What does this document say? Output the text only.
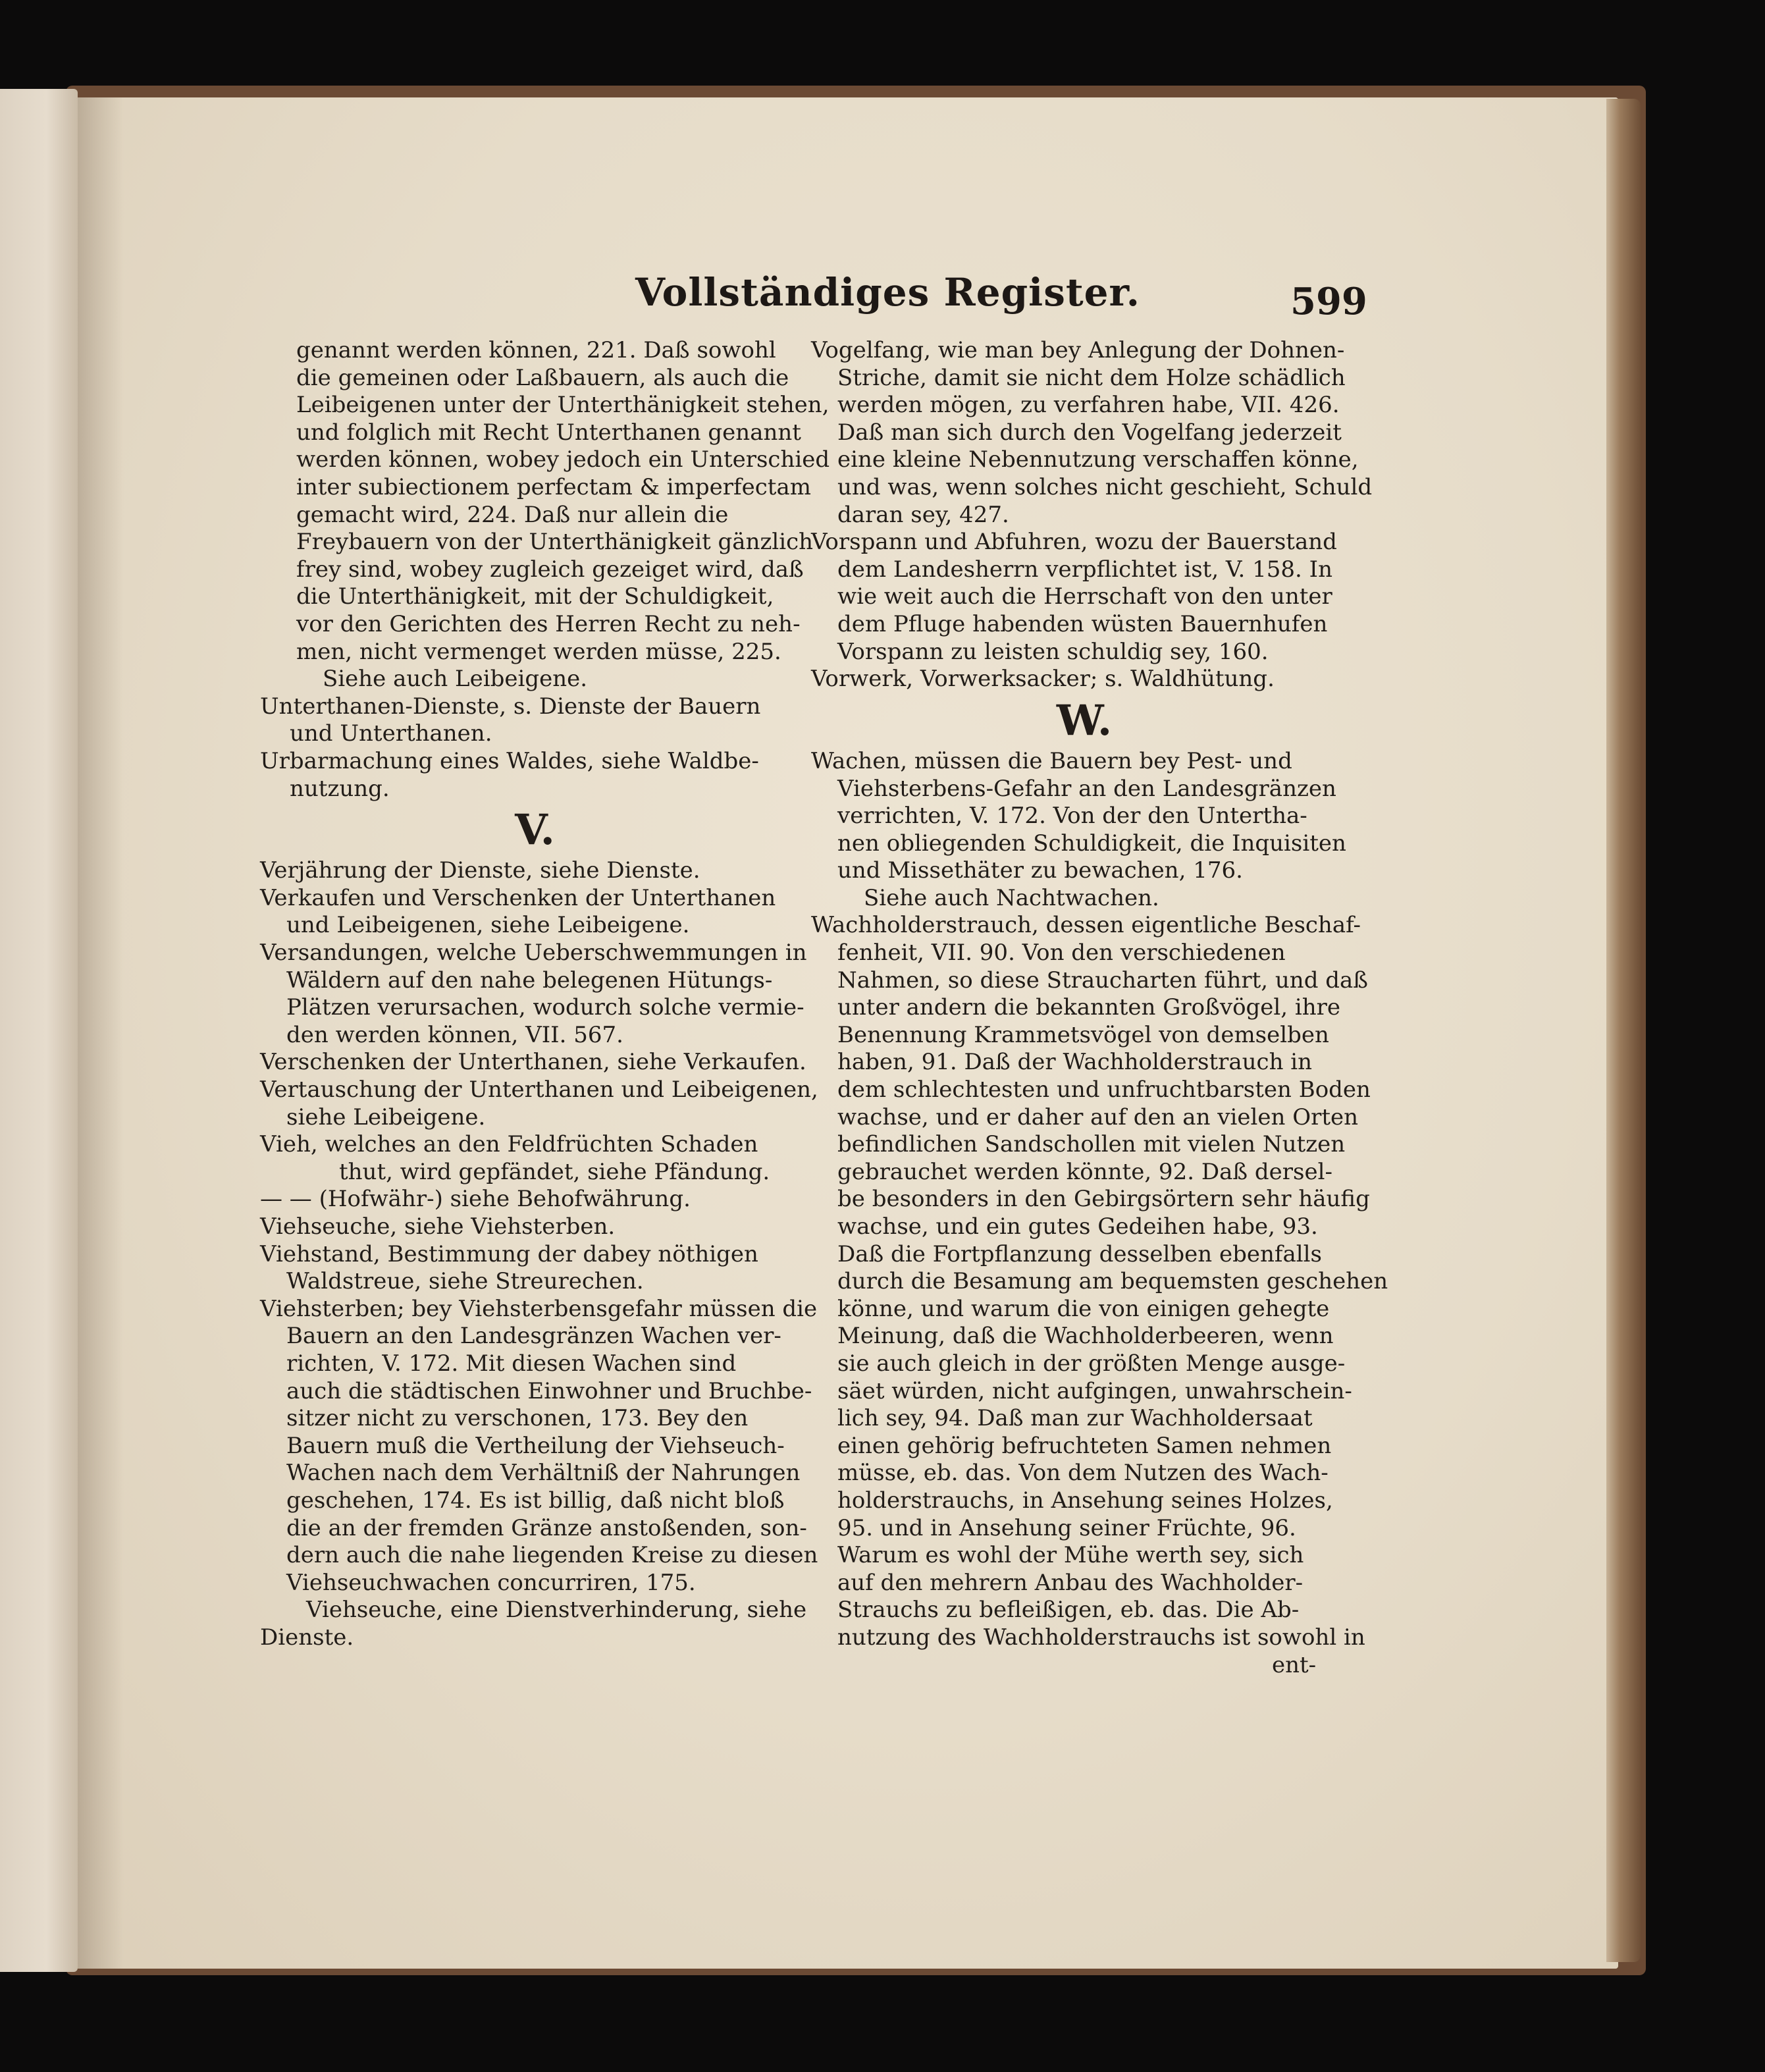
Vollständiges Register.	599
genannt werden können, 221. Daß sowohl
die gemeinen oder Laßbauern, als auch die
Leibeigenen unter der Unterthänigkeit stehen,
und folglich mit Recht Unterthanen genannt
werden können, wobey jedoch ein Unterschied
inter subiectionem perfectam & imperfectam
gemacht wird, 224. Daß nur allein die
Freybauern von der Unterthänigkeit gänzlich
frey sind, wobey zugleich gezeiget wird, daß
die Unterthänigkeit, mit der Schuldigkeit,
vor den Gerichten des Herren Recht zu neh-
men, nicht vermenget werden müsse, 225.
Siehe auch Leibeigene.
Unterthanen-Dienste, s. Dienste der Bauern
und Unterthanen.
Urbarmachung eines Waldes, siehe Waldbe-
nutzung.
V.
Verjährung der Dienste, siehe Dienste.
Verkaufen und Verschenken der Unterthanen
und Leibeigenen, siehe Leibeigene.
Versandungen, welche Ueberschwemmungen in
Wäldern auf den nahe belegenen Hütungs-
Plätzen verursachen, wodurch solche vermie-
den werden können, VII. 567.
Verschenken der Unterthanen, siehe Verkaufen.
Vertauschung der Unterthanen und Leibeigenen,
siehe Leibeigene.
Vieh, welches an den Feldfrüchten Schaden
thut, wird gepfändet, siehe Pfändung.
— — (Hofwähr-) siehe Behofwährung.
Viehseuche, siehe Viehsterben.
Viehstand, Bestimmung der dabey nöthigen
Waldstreue, siehe Streurechen.
Viehsterben; bey Viehsterbensgefahr müssen die
Bauern an den Landesgränzen Wachen ver-
richten, V. 172. Mit diesen Wachen sind
auch die städtischen Einwohner und Bruchbe-
sitzer nicht zu verschonen, 173. Bey den
Bauern muß die Vertheilung der Viehseuch-
Wachen nach dem Verhältniß der Nahrungen
geschehen, 174. Es ist billig, daß nicht bloß
die an der fremden Gränze anstoßenden, son-
dern auch die nahe liegenden Kreise zu diesen
Viehseuchwachen concurriren, 175.
Viehseuche, eine Dienstverhinderung, siehe
Dienste.
Vogelfang, wie man bey Anlegung der Dohnen-
Striche, damit sie nicht dem Holze schädlich
werden mögen, zu verfahren habe, VII. 426.
Daß man sich durch den Vogelfang jederzeit
eine kleine Nebennutzung verschaffen könne,
und was, wenn solches nicht geschieht, Schuld
daran sey, 427.
Vorspann und Abfuhren, wozu der Bauerstand
dem Landesherrn verpflichtet ist, V. 158. In
wie weit auch die Herrschaft von den unter
dem Pfluge habenden wüsten Bauernhufen
Vorspann zu leisten schuldig sey, 160.
Vorwerk, Vorwerksacker; s. Waldhütung.
W.
Wachen, müssen die Bauern bey Pest- und
Viehsterbens-Gefahr an den Landesgränzen
verrichten, V. 172. Von der den Untertha-
nen obliegenden Schuldigkeit, die Inquisiten
und Missethäter zu bewachen, 176.
Siehe auch Nachtwachen.
Wachholderstrauch, dessen eigentliche Beschaf-
fenheit, VII. 90. Von den verschiedenen
Nahmen, so diese Straucharten führt, und daß
unter andern die bekannten Großvögel, ihre
Benennung Krammetsvögel von demselben
haben, 91. Daß der Wachholderstrauch in
dem schlechtesten und unfruchtbarsten Boden
wachse, und er daher auf den an vielen Orten
befindlichen Sandschollen mit vielen Nutzen
gebrauchet werden könnte, 92. Daß dersel-
be besonders in den Gebirgsörtern sehr häufig
wachse, und ein gutes Gedeihen habe, 93.
Daß die Fortpflanzung desselben ebenfalls
durch die Besamung am bequemsten geschehen
könne, und warum die von einigen gehegte
Meinung, daß die Wachholderbeeren, wenn
sie auch gleich in der größten Menge ausge-
säet würden, nicht aufgingen, unwahrschein-
lich sey, 94. Daß man zur Wachholdersaat
einen gehörig befruchteten Samen nehmen
müsse, eb. das. Von dem Nutzen des Wach-
holderstrauchs, in Ansehung seines Holzes,
95. und in Ansehung seiner Früchte, 96.
Warum es wohl der Mühe werth sey, sich
auf den mehrern Anbau des Wachholder-
Strauchs zu befleißigen, eb. das. Die Ab-
nutzung des Wachholderstrauchs ist sowohl in
ent-
